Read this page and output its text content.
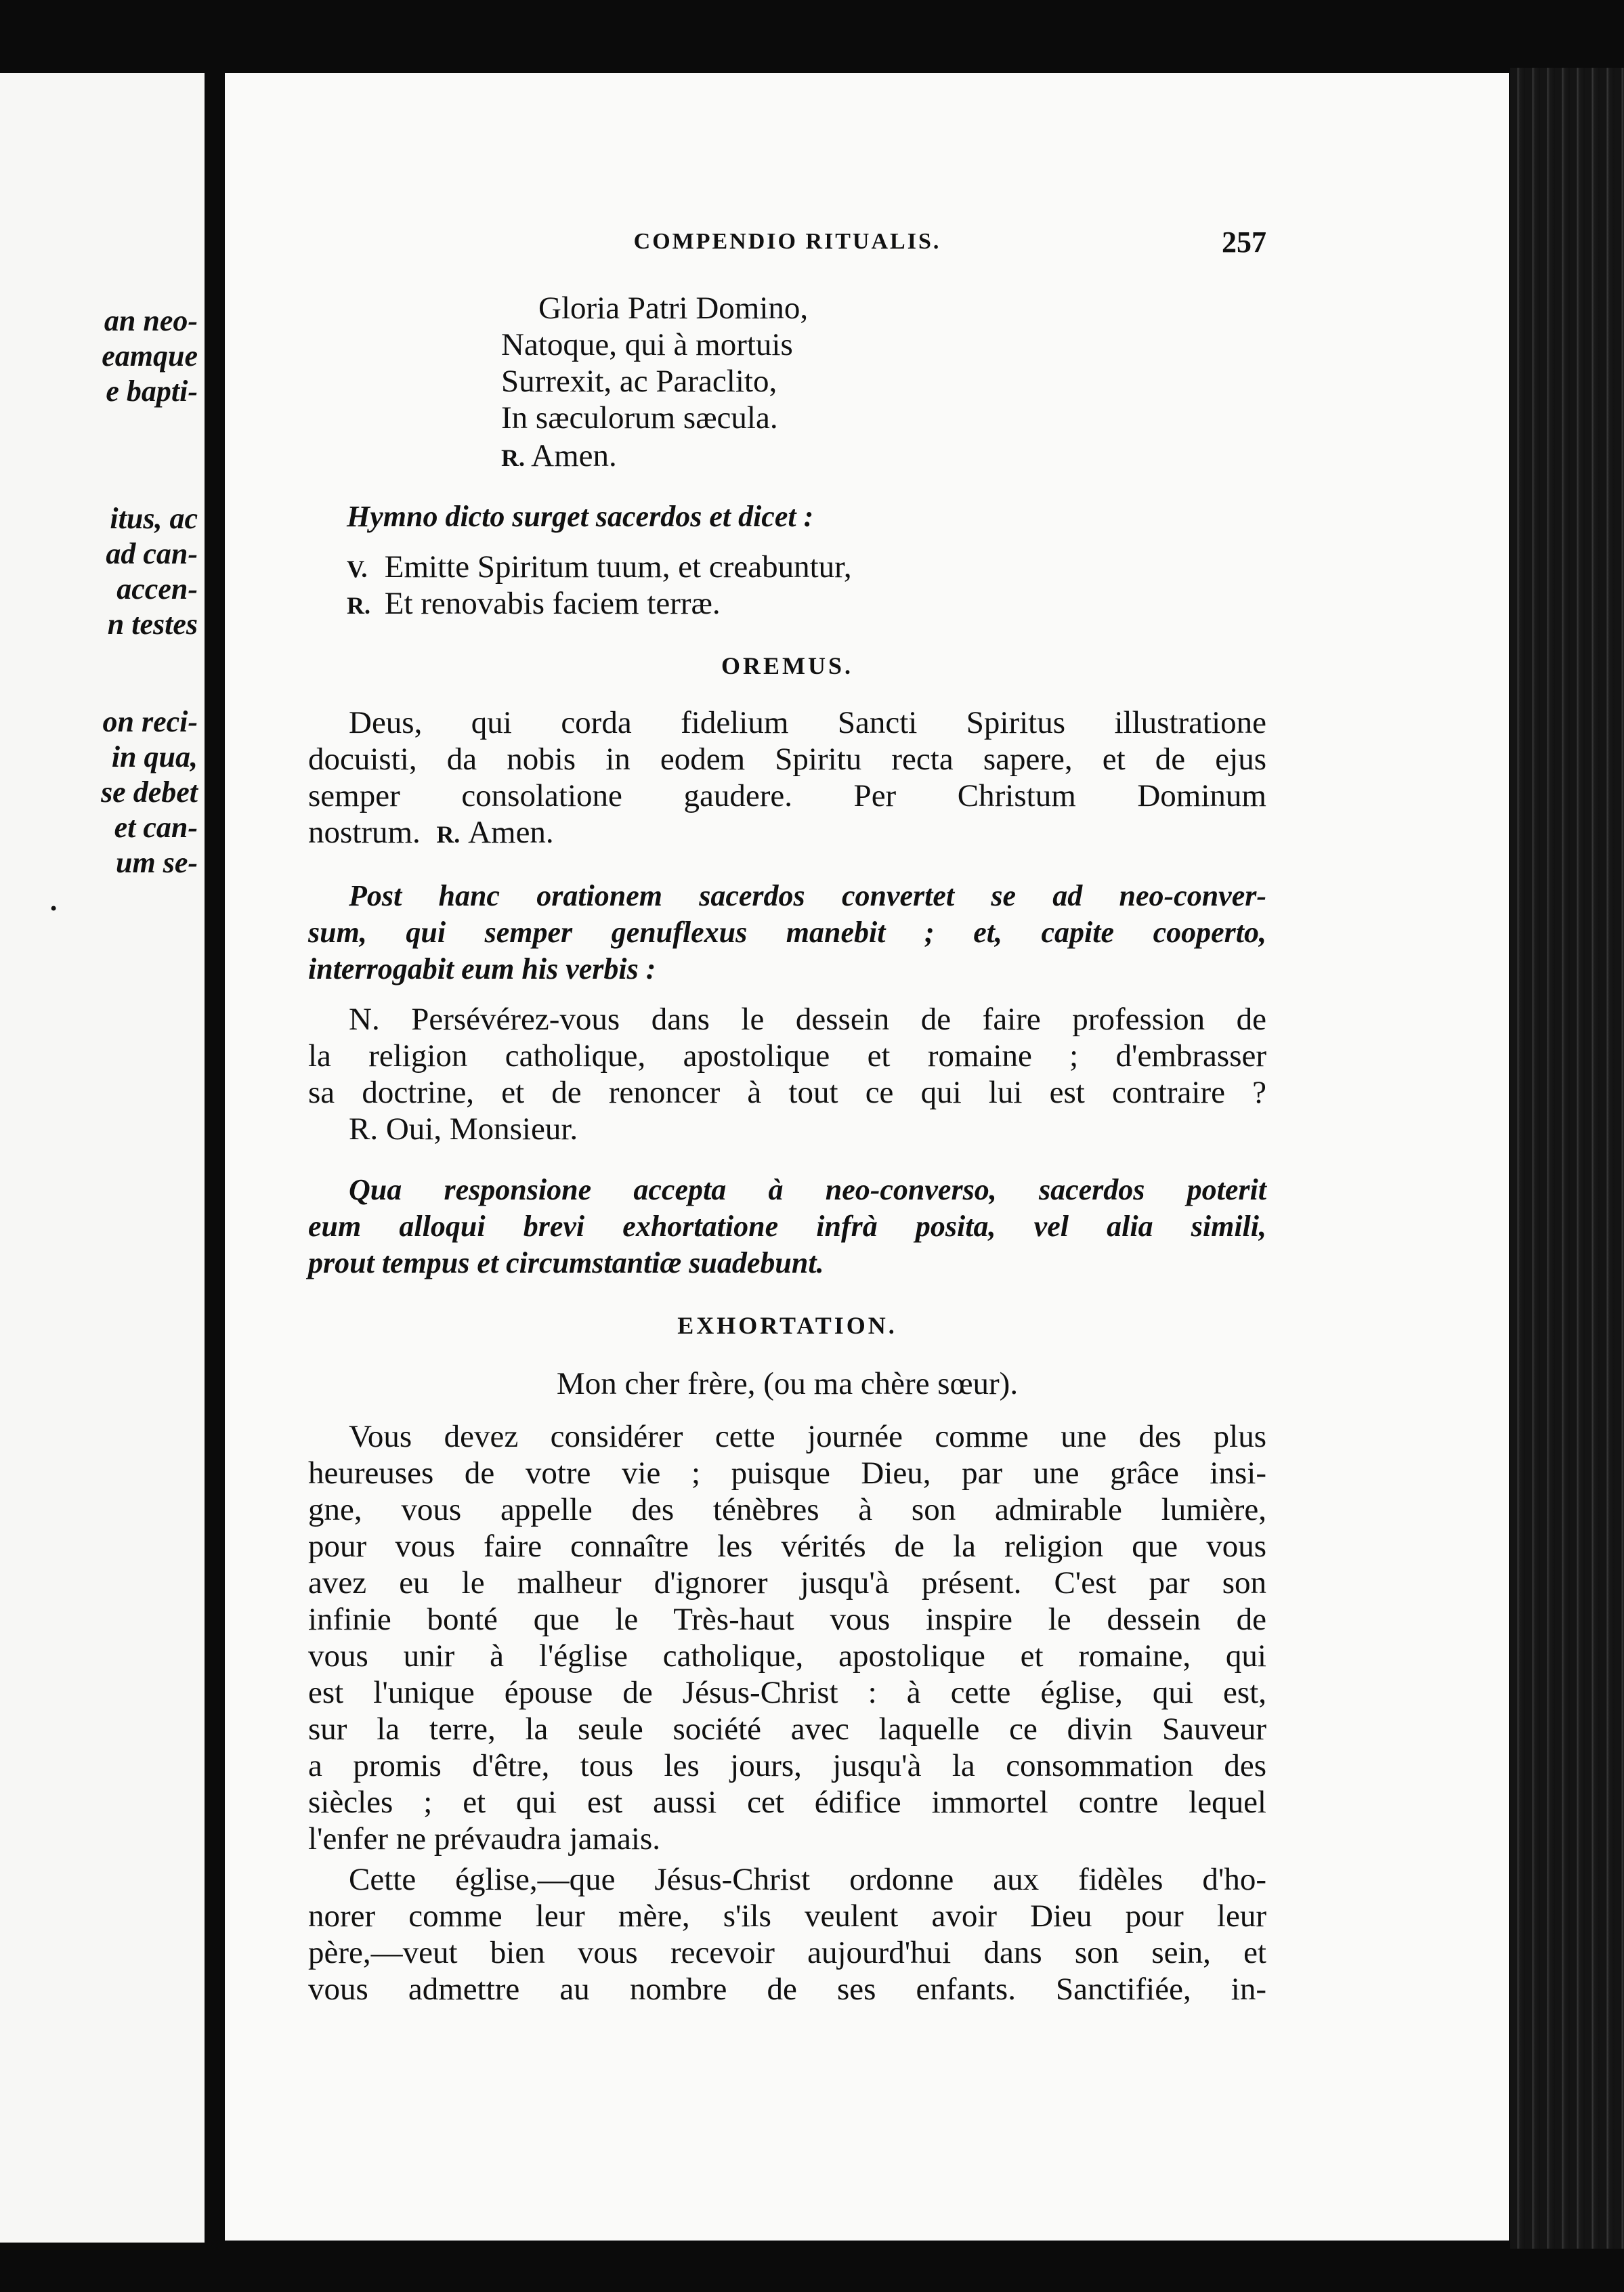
an neo-
eamque
e bapti-
itus, ac
ad can-
accen-
n testes
on reci-
in qua,
se debet
et can-
um se-
•
COMPENDIO RITUALIS.	257
Gloria Patri Domino,
Natoque, qui à mortuis
Surrexit, ac Paraclito,
In sæculorum sæcula.
R. Amen.
Hymno dicto surget sacerdos et dicet :
V. Emitte Spiritum tuum, et creabuntur,
R. Et renovabis faciem terræ.
OREMUS.
Deus, qui corda fidelium Sancti Spiritus illustratione
docuisti, da nobis in eodem Spiritu recta sapere, et de ejus
semper consolatione gaudere. Per Christum Dominum
nostrum. R. Amen.
Post hanc orationem sacerdos convertet se ad neo-conver-
sum, qui semper genuflexus manebit ; et, capite cooperto,
interrogabit eum his verbis :
N. Persévérez-vous dans le dessein de faire profession de
la religion catholique, apostolique et romaine ; d'embrasser
sa doctrine, et de renoncer à tout ce qui lui est contraire ?
R. Oui, Monsieur.
Qua responsione accepta à neo-converso, sacerdos poterit
eum alloqui brevi exhortatione infrà posita, vel alia simili,
prout tempus et circumstantiæ suadebunt.
EXHORTATION.
Mon cher frère, (ou ma chère sœur).
Vous devez considérer cette journée comme une des plus
heureuses de votre vie ; puisque Dieu, par une grâce insi-
gne, vous appelle des ténèbres à son admirable lumière,
pour vous faire connaître les vérités de la religion que vous
avez eu le malheur d'ignorer jusqu'à présent. C'est par son
infinie bonté que le Très-haut vous inspire le dessein de
vous unir à l'église catholique, apostolique et romaine, qui
est l'unique épouse de Jésus-Christ : à cette église, qui est,
sur la terre, la seule société avec laquelle ce divin Sauveur
a promis d'être, tous les jours, jusqu'à la consommation des
siècles ; et qui est aussi cet édifice immortel contre lequel
l'enfer ne prévaudra jamais.
Cette église,—que Jésus-Christ ordonne aux fidèles d'ho-
norer comme leur mère, s'ils veulent avoir Dieu pour leur
père,—veut bien vous recevoir aujourd'hui dans son sein, et
vous admettre au nombre de ses enfants. Sanctifiée, in-
